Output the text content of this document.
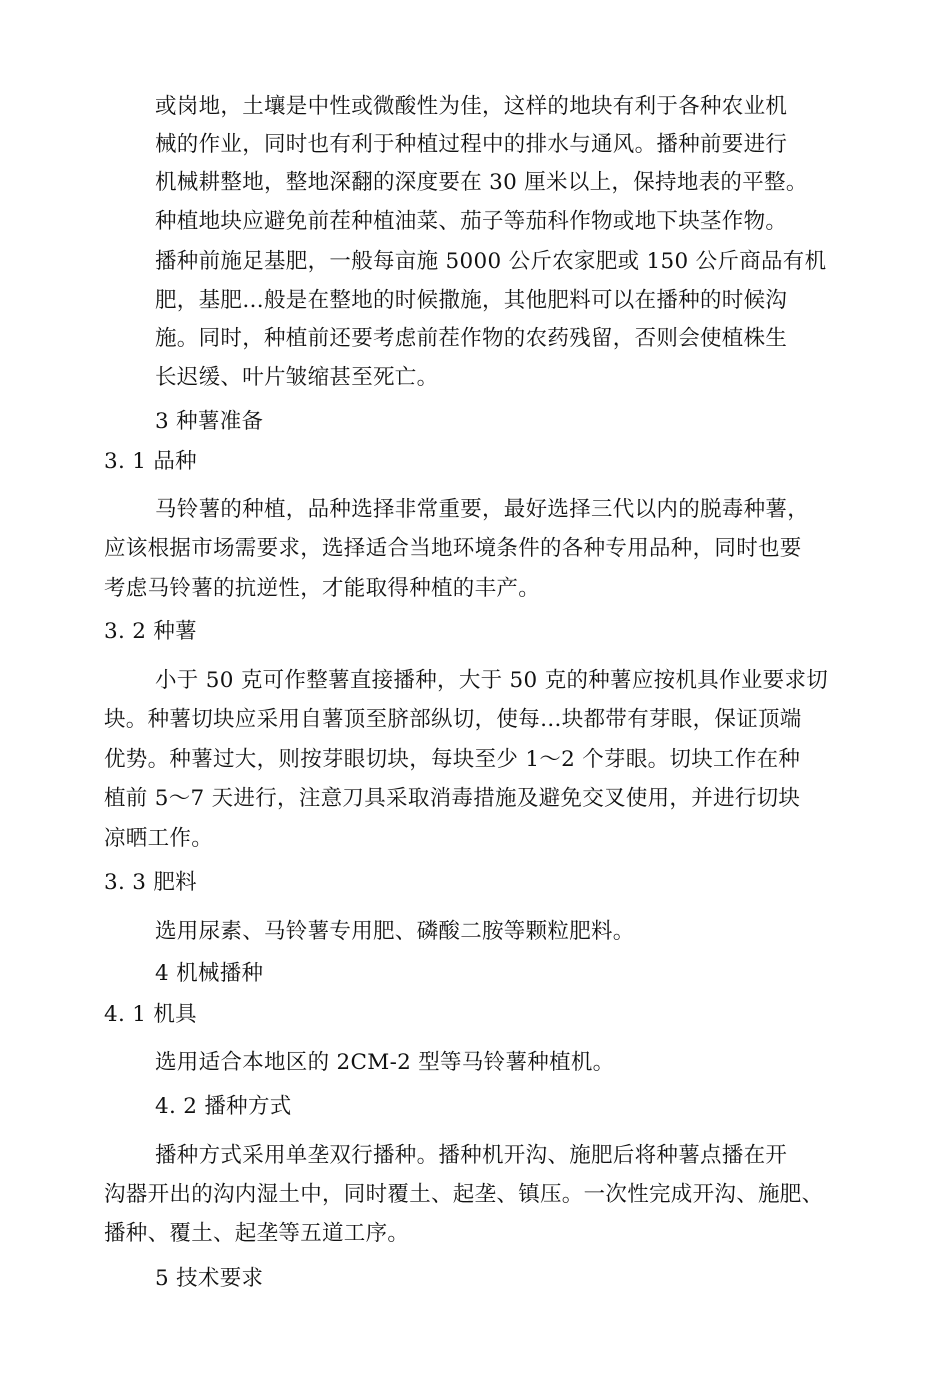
或岗地，土壤是中性或微酸性为佳，这样的地块有利于各种农业机
械的作业，同时也有利于种植过程中的排水与通风。播种前要进行
机械耕整地，整地深翻的深度要在 30 厘米以上，保持地表的平整。
种植地块应避免前茬种植油菜、茄子等茄科作物或地下块茎作物。
播种前施足基肥，一般每亩施 5000 公斤农家肥或 150 公斤商品有机
肥，基肥…般是在整地的时候撒施，其他肥料可以在播种的时候沟
施。同时，种植前还要考虑前茬作物的农药残留，否则会使植株生
长迟缓、叶片皱缩甚至死亡。
3 种薯准备
3. 1 品种
马铃薯的种植，品种选择非常重要，最好选择三代以内的脱毒种薯，
应该根据市场需要求，选择适合当地环境条件的各种专用品种，同时也要
考虑马铃薯的抗逆性，才能取得种植的丰产。
3. 2 种薯
小于 50 克可作整薯直接播种，大于 50 克的种薯应按机具作业要求切
块。种薯切块应采用自薯顶至脐部纵切，使每…块都带有芽眼，保证顶端
优势。种薯过大，则按芽眼切块，每块至少 1〜2 个芽眼。切块工作在种
植前 5〜7 天进行，注意刀具采取消毒措施及避免交叉使用，并进行切块
凉晒工作。
3. 3 肥料
选用尿素、马铃薯专用肥、磷酸二胺等颗粒肥料。
4 机械播种
4. 1 机具
选用适合本地区的 2CM-2 型等马铃薯种植机。
4. 2 播种方式
播种方式采用单垄双行播种。播种机开沟、施肥后将种薯点播在开
沟器开出的沟内湿土中，同时覆土、起垄、镇压。一次性完成开沟、施肥、
播种、覆土、起垄等五道工序。
5 技术要求
